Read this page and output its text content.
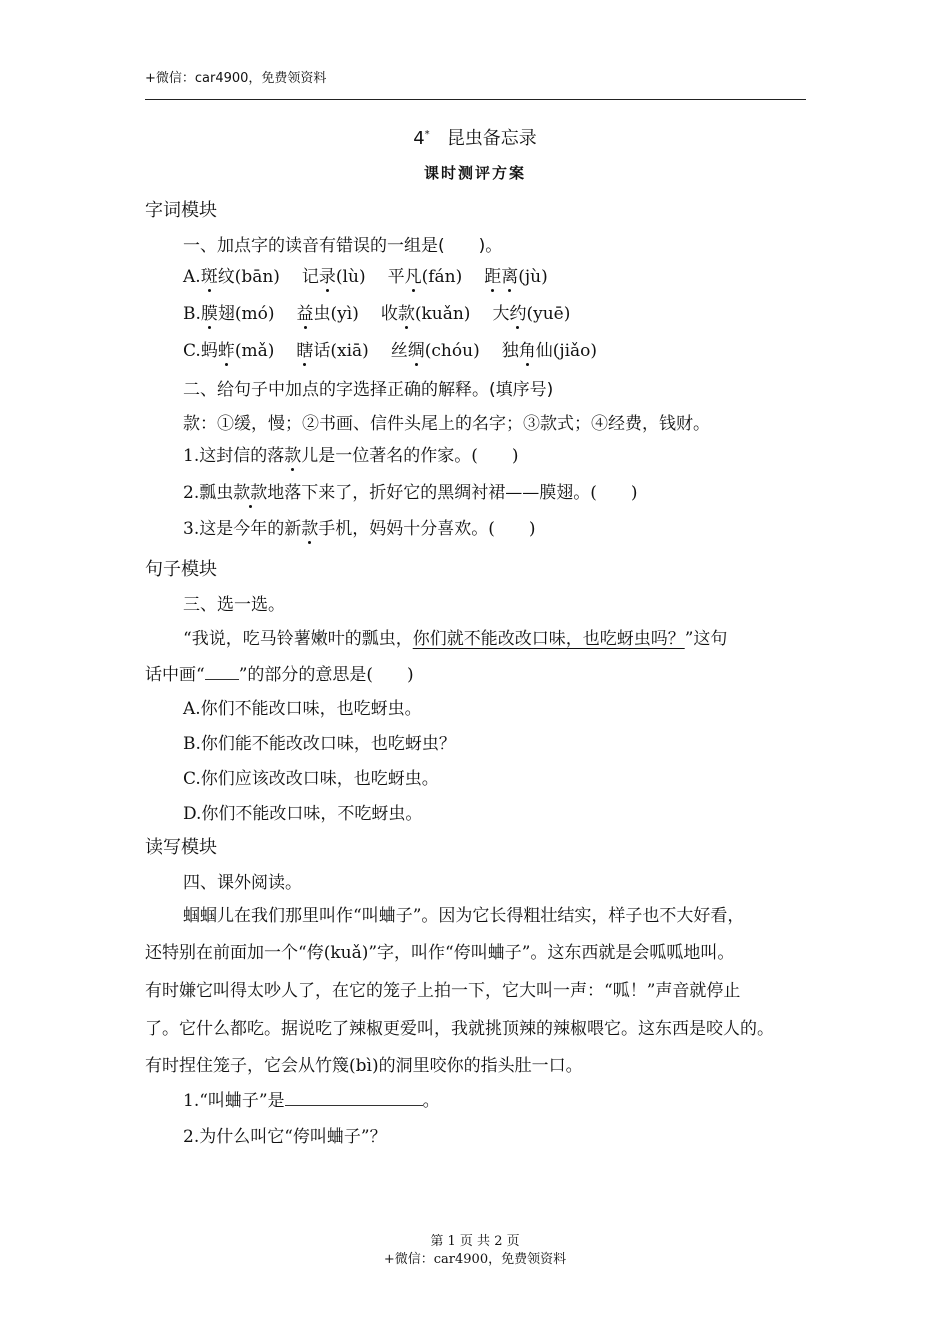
+微信：car4900，免费领资料
4* 昆虫备忘录
课时测评方案
字词模块
一、加点字的读音有错误的一组是(　　)。
A.斑纹(bān) 记录(lù) 平凡(fán) 距离(jù)
B.膜翅(mó) 益虫(yì) 收款(kuǎn) 大约(yuē)
C.蚂蚱(mǎ) 瞎话(xiā) 丝绸(chóu) 独角仙(jiǎo)
二、给句子中加点的字选择正确的解释。(填序号)
款：①缓，慢；②书画、信件头尾上的名字；③款式；④经费，钱财。
1.这封信的落款儿是一位著名的作家。(　　)
2.瓢虫款款地落下来了，折好它的黑绸衬裙——膜翅。(　　)
3.这是今年的新款手机，妈妈十分喜欢。(　　)
句子模块
三、选一选。
“我说，吃马铃薯嫩叶的瓢虫，你们就不能改改口味，也吃蚜虫吗？”这句
话中画“ ”的部分的意思是(　　)
A.你们不能改口味，也吃蚜虫。
B.你们能不能改改口味，也吃蚜虫？
C.你们应该改改口味，也吃蚜虫。
D.你们不能改口味，不吃蚜虫。
读写模块
四、课外阅读。
蝈蝈儿在我们那里叫作“叫蛐子”。因为它长得粗壮结实，样子也不大好看，
还特别在前面加一个“侉(kuǎ)”字，叫作“侉叫蛐子”。这东西就是会呱呱地叫。
有时嫌它叫得太吵人了，在它的笼子上拍一下，它大叫一声：“呱！”声音就停止
了。它什么都吃。据说吃了辣椒更爱叫，我就挑顶辣的辣椒喂它。这东西是咬人的。
有时捏住笼子，它会从竹篾(bì)的洞里咬你的指头肚一口。
1.“叫蛐子”是	。
2.为什么叫它“侉叫蛐子”？
第 1 页 共 2 页
+微信：car4900，免费领资料
